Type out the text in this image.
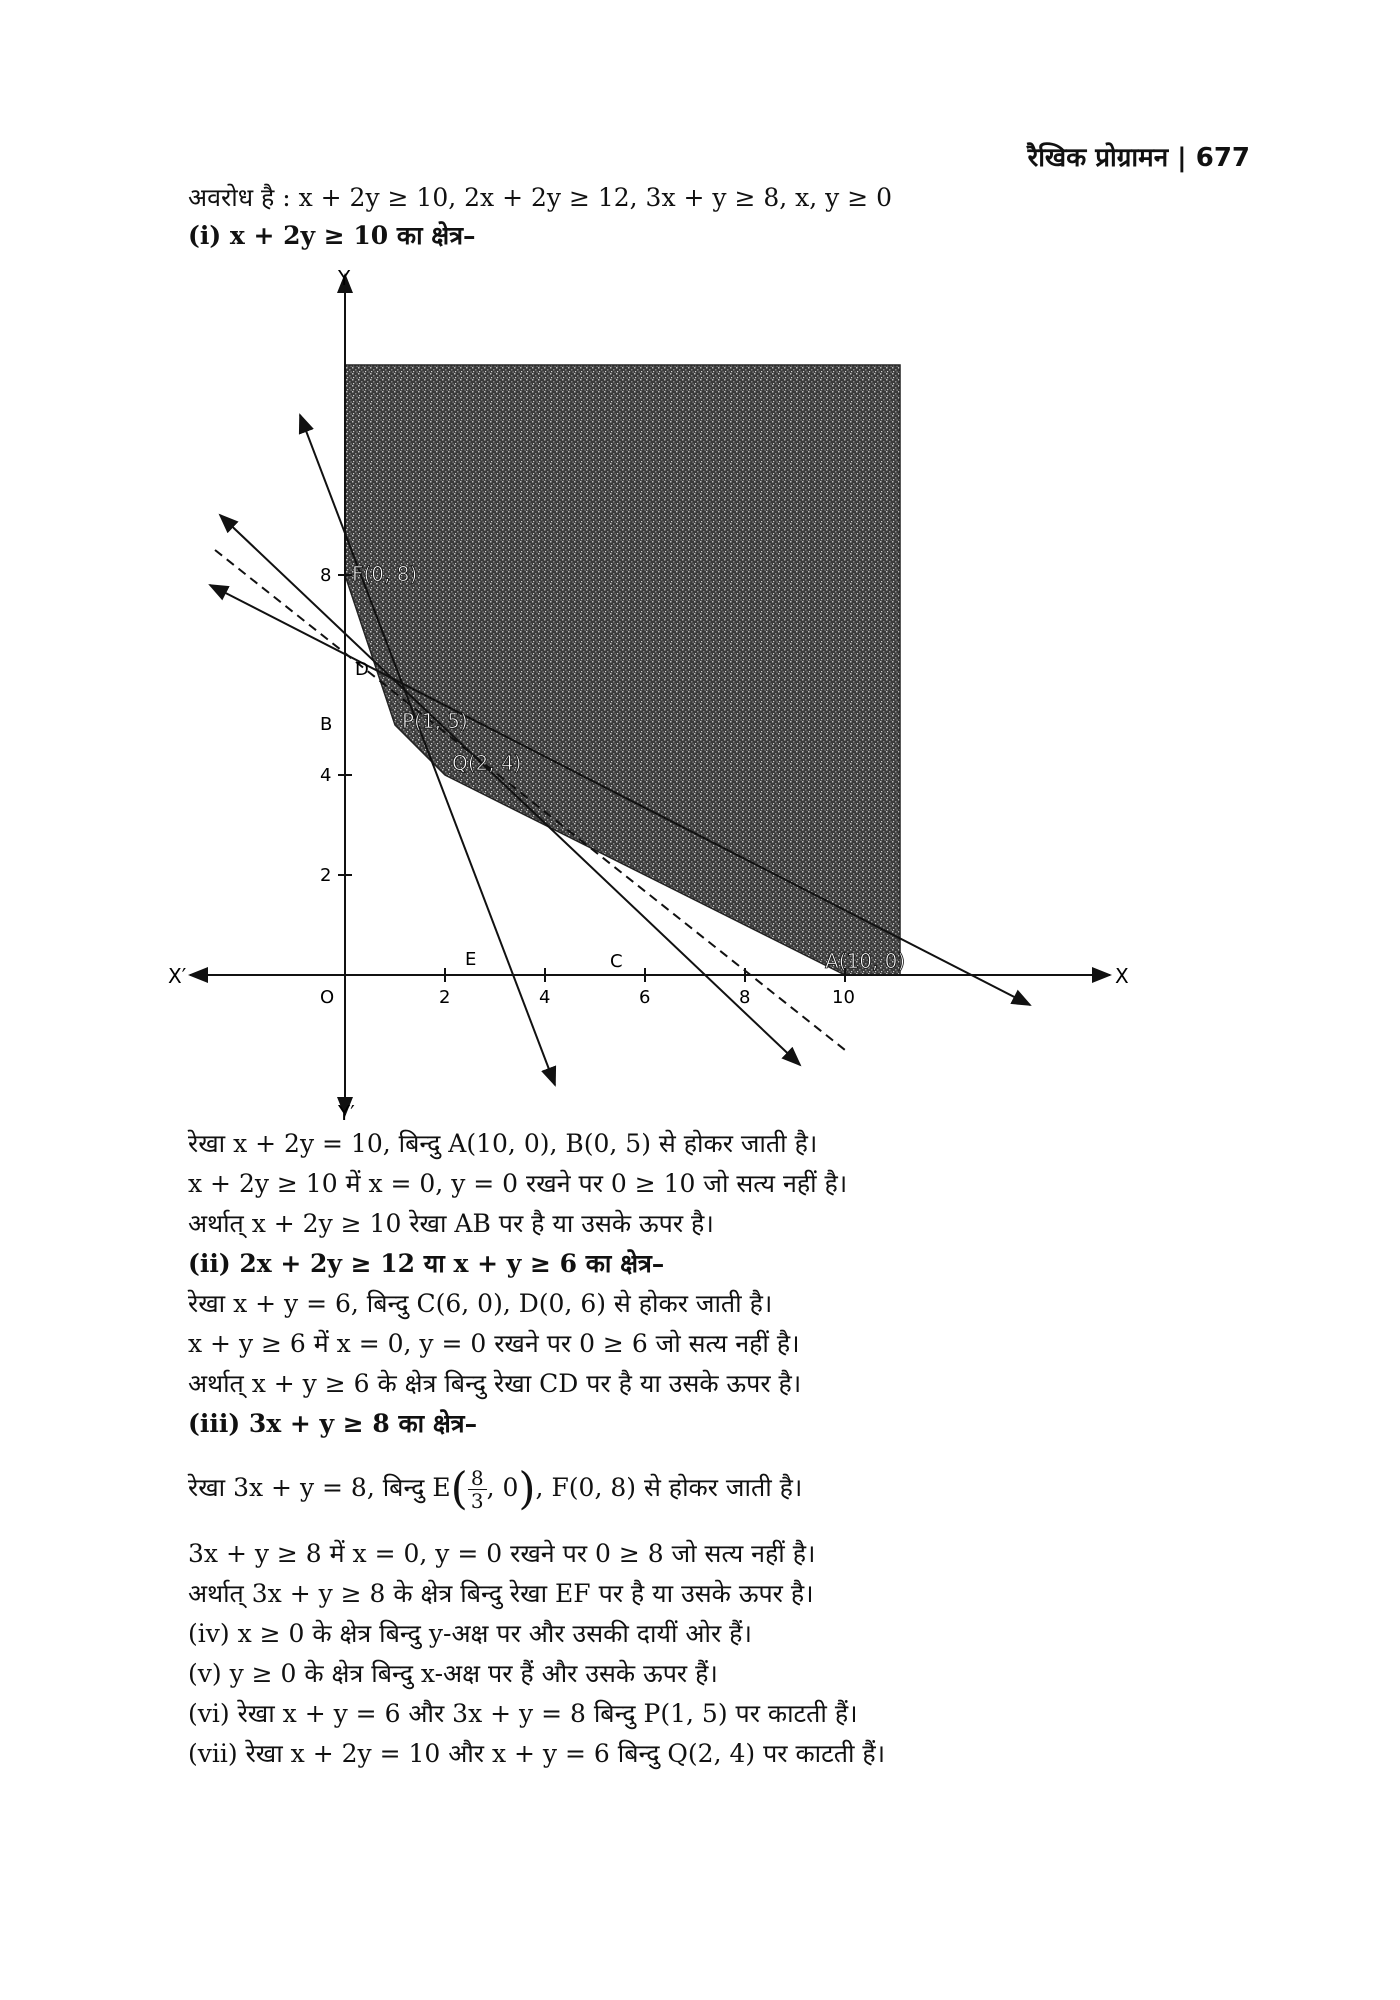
रैखिक प्रोग्रामन | 677
अवरोध है : x + 2y ≥ 10, 2x + 2y ≥ 12, 3x + y ≥ 8, x, y ≥ 0
(i) x + 2y ≥ 10 का क्षेत्र–
2	4	6	8	10
2
4
8
X
X′
Y
Y′
O
F(0, 8)
D
B	P(1, 5)
Q(2, 4)
E	C	A(10, 0)
रेखा x + 2y = 10, बिन्दु A(10, 0), B(0, 5) से होकर जाती है।
x + 2y ≥ 10 में x = 0, y = 0 रखने पर 0 ≥ 10 जो सत्य नहीं है।
अर्थात् x + 2y ≥ 10 रेखा AB पर है या उसके ऊपर है।
(ii) 2x + 2y ≥ 12 या x + y ≥ 6 का क्षेत्र–
रेखा x + y = 6, बिन्दु C(6, 0), D(0, 6) से होकर जाती है।
x + y ≥ 6 में x = 0, y = 0 रखने पर 0 ≥ 6 जो सत्य नहीं है।
अर्थात् x + y ≥ 6 के क्षेत्र बिन्दु रेखा CD पर है या उसके ऊपर है।
(iii) 3x + y ≥ 8 का क्षेत्र–
रेखा 3x + y = 8, बिन्दु $E( \frac{8}{3}$ , 0), F(0, 8) से होकर जाती है।
3x + y ≥ 8 में x = 0, y = 0 रखने पर 0 ≥ 8 जो सत्य नहीं है।
अर्थात् 3x + y ≥ 8 के क्षेत्र बिन्दु रेखा EF पर है या उसके ऊपर है।
(iv) x ≥ 0 के क्षेत्र बिन्दु y-अक्ष पर और उसकी दायीं ओर हैं।
(v) y ≥ 0 के क्षेत्र बिन्दु x-अक्ष पर हैं और उसके ऊपर हैं।
(vi) रेखा x + y = 6 और 3x + y = 8 बिन्दु P(1, 5) पर काटती हैं।
(vii) रेखा x + 2y = 10 और x + y = 6 बिन्दु Q(2, 4) पर काटती हैं।
